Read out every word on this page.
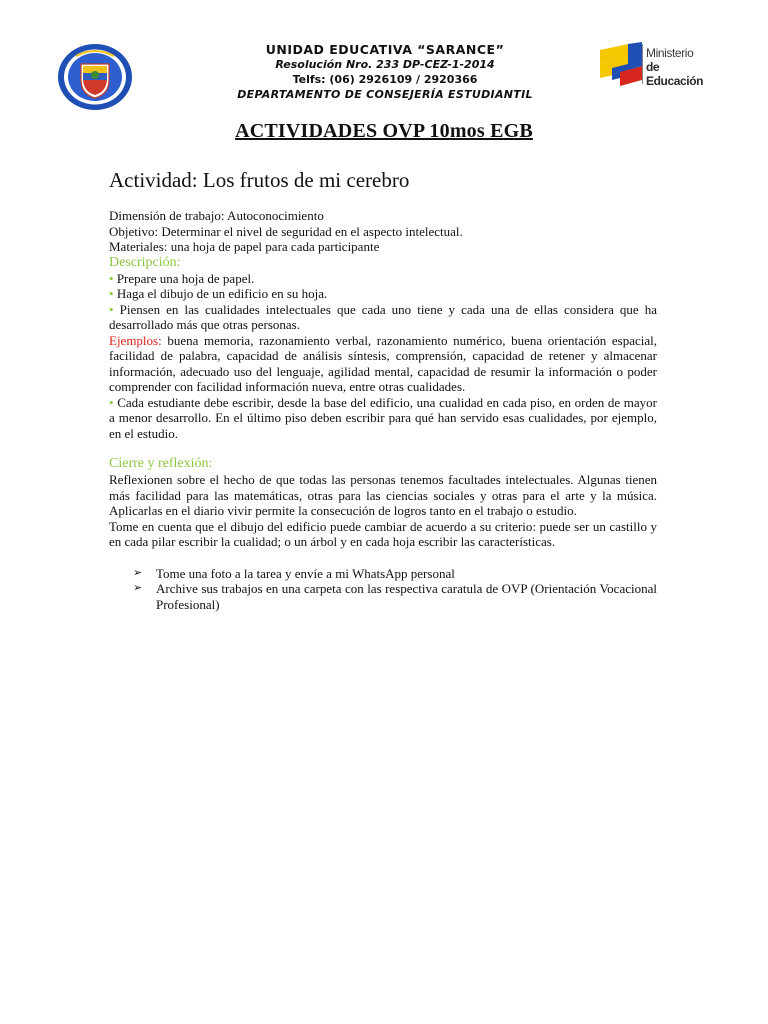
UNIDAD EDUCATIVA “SARANCE”
Resolución Nro. 233 DP-CEZ-1-2014
Telfs: (06) 2926109 / 2920366
DEPARTAMENTO DE CONSEJERÍA ESTUDIANTIL
Ministerio
de Educación
ACTIVIDADES OVP 10mos EGB
Actividad: Los frutos de mi cerebro

Dimensión de trabajo: Autoconocimiento

Objetivo: Determinar el nivel de seguridad en el aspecto intelectual.

Materiales: una hoja de papel para cada participante

Descripción:

• Prepare una hoja de papel.

• Haga el dibujo de un edificio en su hoja.

• Piensen en las cualidades intelectuales que cada uno tiene y cada una de ellas considera que ha desarrollado más que otras personas.

Ejemplos: buena memoria, razonamiento verbal, razonamiento numérico, buena orientación espacial, facilidad de palabra, capacidad de análisis síntesis, comprensión, capacidad de retener y almacenar información, adecuado uso del lenguaje, agilidad mental, capacidad de resumir la información o poder comprender con facilidad información nueva, entre otras cualidades.

• Cada estudiante debe escribir, desde la base del edificio, una cualidad en cada piso, en orden de mayor a menor desarrollo. En el último piso deben escribir para qué han servido esas cualidades, por ejemplo, en el estudio.

Cierre y reflexión:

Reflexionen sobre el hecho de que todas las personas tenemos facultades intelectuales. Algunas tienen más facilidad para las matemáticas, otras para las ciencias sociales y otras para el arte y la música. Aplicarlas en el diario vivir permite la consecución de logros tanto en el trabajo o estudio.

Tome en cuenta que el dibujo del edificio puede cambiar de acuerdo a su criterio: puede ser un castillo y en cada pilar escribir la cualidad; o un árbol y en cada hoja escribir las características.

➢ Tome una foto a la tarea y envíe a mi WhatsApp personal
➢ Archive sus trabajos en una carpeta con las respectiva caratula de OVP (Orientación Vocacional Profesional)
